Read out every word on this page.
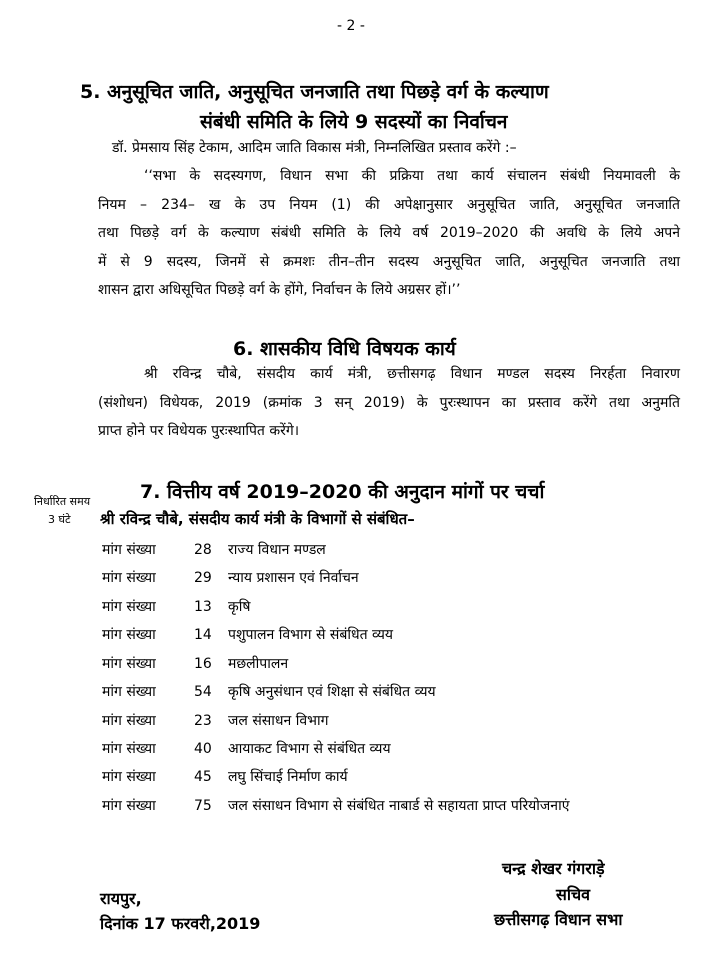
- 2 -
5. अनुसूचित जाति, अनुसूचित जनजाति तथा पिछड़े वर्ग के कल्याण
संबंधी समिति के लिये 9 सदस्यों का निर्वाचन
डॉ. प्रेमसाय सिंह टेकाम, आदिम जाति विकास मंत्री, निम्नलिखित प्रस्ताव करेंगे :–
‘‘सभा के सदस्यगण, विधान सभा की प्रक्रिया तथा कार्य संचालन संबंधी नियमावली के
नियम – 234– ख के उप नियम (1) की अपेक्षानुसार अनुसूचित जाति, अनुसूचित जनजाति
तथा पिछड़े वर्ग के कल्याण संबंधी समिति के लिये वर्ष 2019–2020 की अवधि के लिये अपने
में से 9 सदस्य, जिनमें से क्रमशः तीन–तीन सदस्य अनुसूचित जाति, अनुसूचित जनजाति तथा
शासन द्वारा अधिसूचित पिछड़े वर्ग के होंगे, निर्वाचन के लिये अग्रसर हों।’’
6. शासकीय विधि विषयक कार्य
श्री रविन्द्र चौबे, संसदीय कार्य मंत्री, छत्तीसगढ़ विधान मण्डल सदस्य निरर्हता निवारण
(संशोधन) विधेयक, 2019 (क्रमांक 3 सन् 2019) के पुरःस्थापन का प्रस्ताव करेंगे तथा अनुमति
प्राप्त होने पर विधेयक पुरःस्थापित करेंगे।
7. वित्तीय वर्ष 2019–2020 की अनुदान मांगों पर चर्चा
निर्धारित समय
3 घंटे श्री रविन्द्र चौबे, संसदीय कार्य मंत्री के विभागों से संबंधित–
मांग संख्या	28 राज्य विधान मण्डल
मांग संख्या	29 न्याय प्रशासन एवं निर्वाचन
मांग संख्या	13 कृषि
मांग संख्या	14 पशुपालन विभाग से संबंधित व्यय
मांग संख्या	16 मछलीपालन
मांग संख्या	54 कृषि अनुसंधान एवं शिक्षा से संबंधित व्यय
मांग संख्या	23 जल संसाधन विभाग
मांग संख्या	40 आयाकट विभाग से संबंधित व्यय
मांग संख्या	45 लघु सिंचाई निर्माण कार्य
मांग संख्या	75 जल संसाधन विभाग से संबंधित नाबार्ड से सहायता प्राप्त परियोजनाएं
चन्द्र शेखर गंगराड़े
सचिव
छत्तीसगढ़ विधान सभा
रायपुर,
दिनांक 17 फरवरी,2019
